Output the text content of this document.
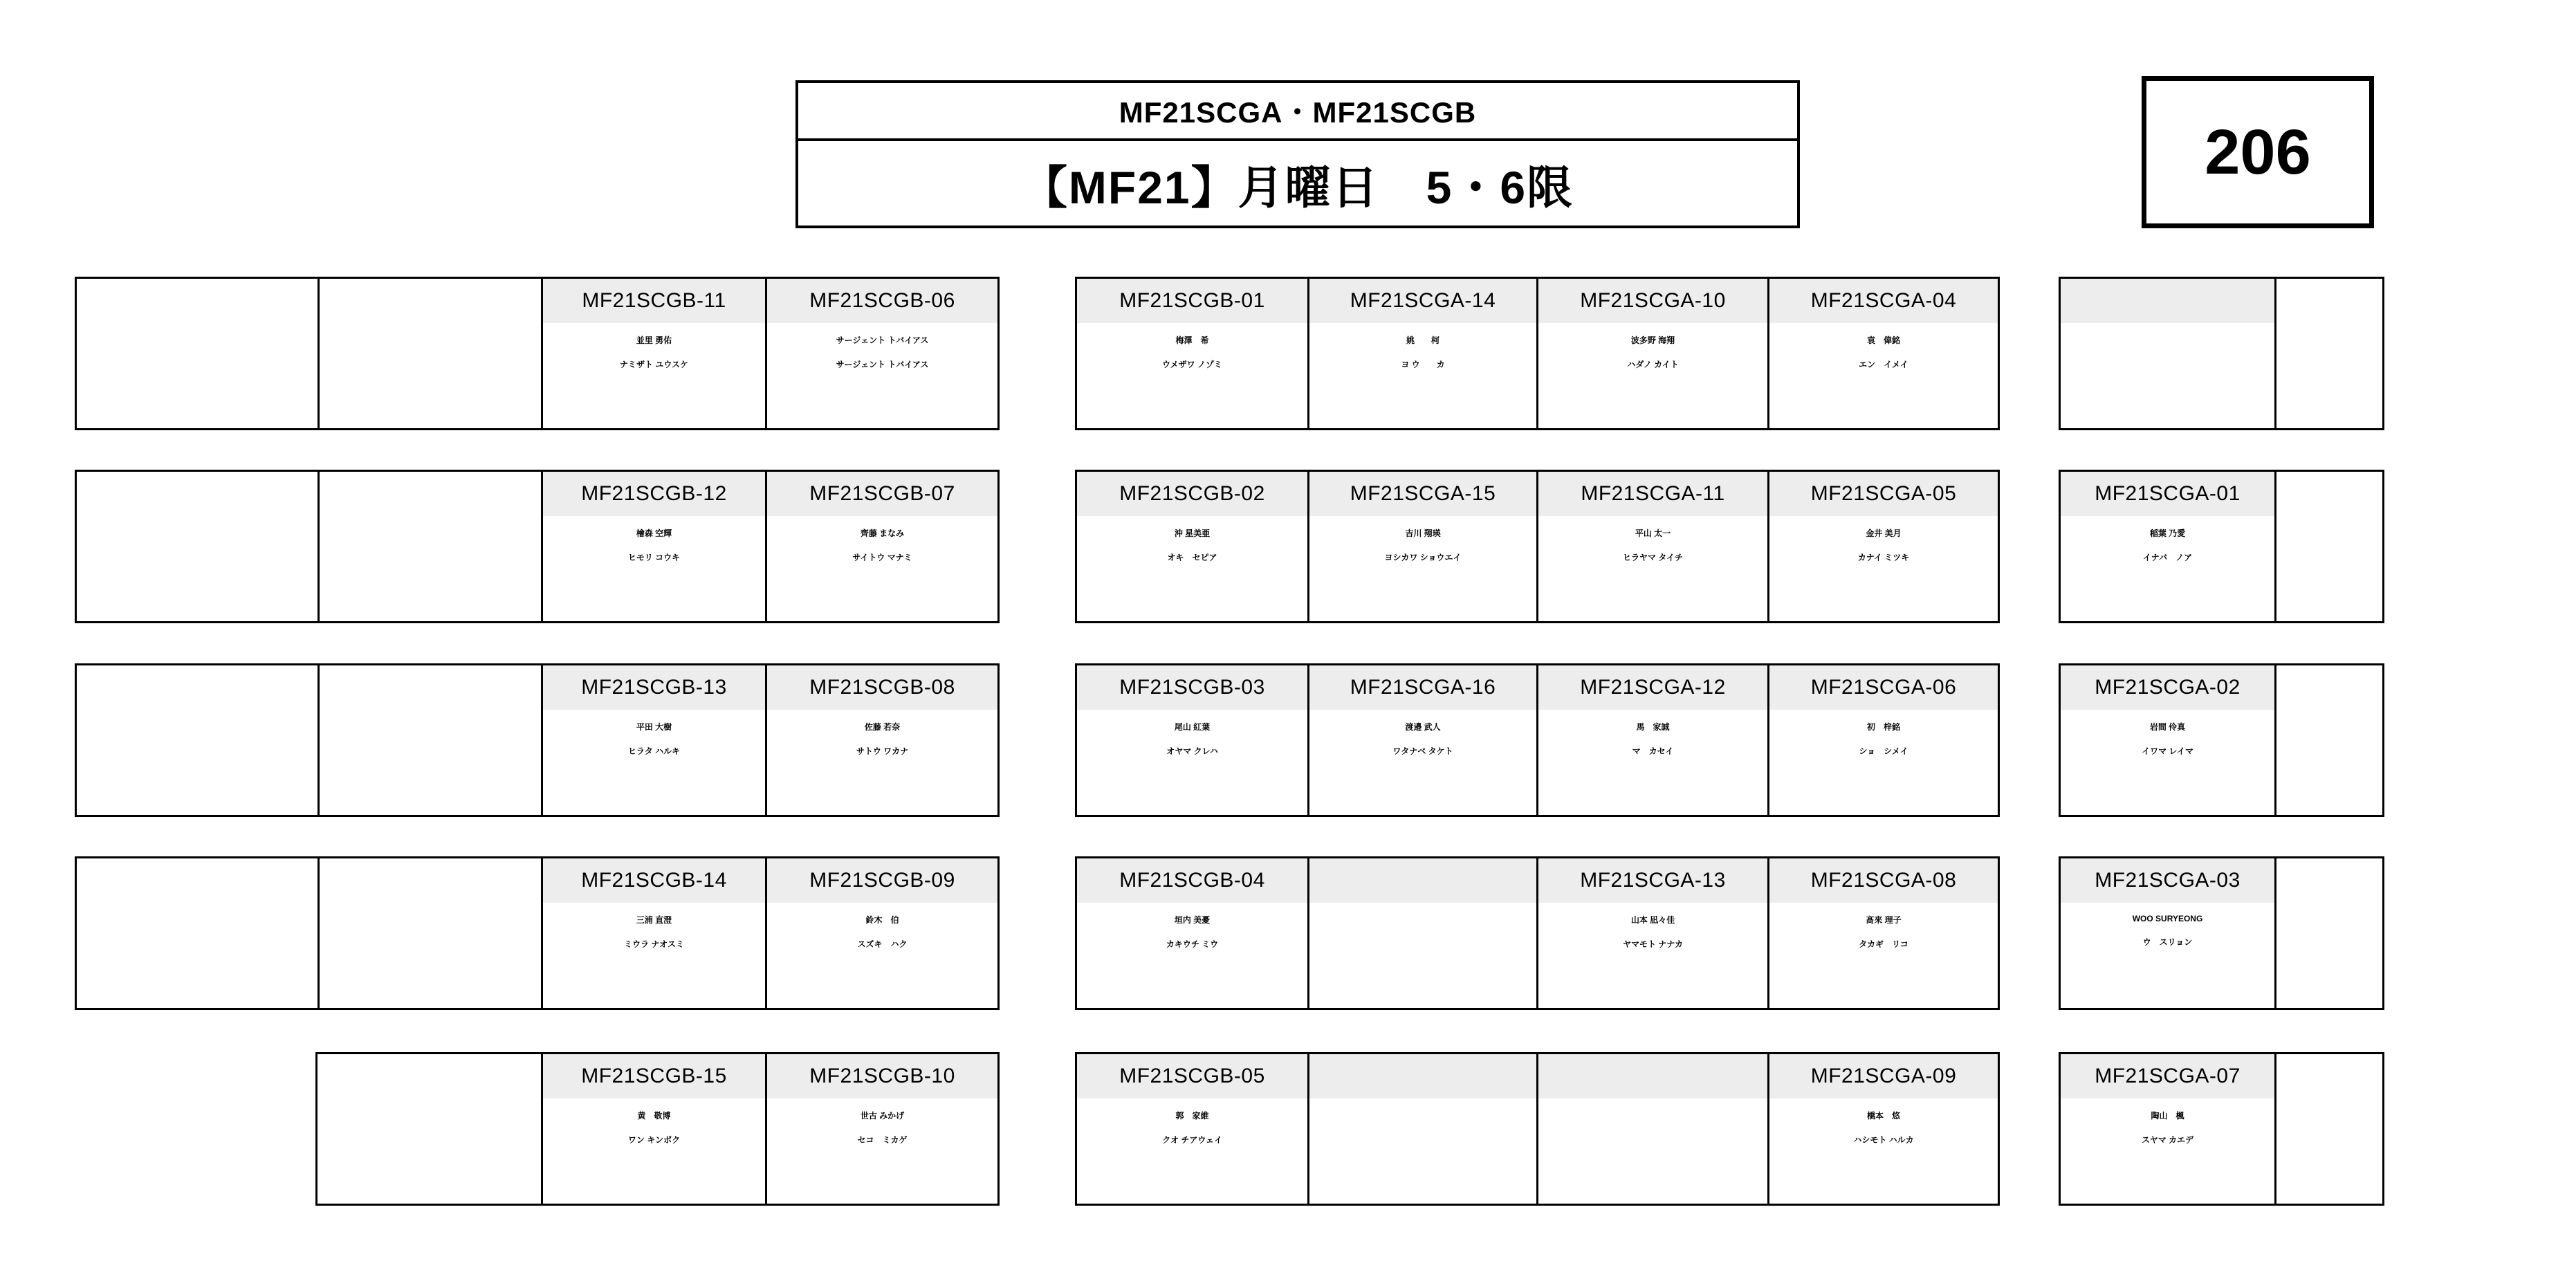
MF21SCGA・MF21SCGB
【MF21】月曜日　5・6限	206
MF21SCGB-11
並里 勇佑
ナミザト ユウスケ
MF21SCGB-06
サージェント トバイアス
サージェント トバイアス
MF21SCGB-01
梅澤　希
ウメザワ ノゾミ
MF21SCGA-14
姚　　柯
ヨ ウ　　カ
MF21SCGA-10
波多野 海翔
ハダノ カイト
MF21SCGA-04
袁　偉銘
エン　イメイ
MF21SCGB-12
檜森 空輝
ヒモリ コウキ
MF21SCGB-07
齊藤 まなみ
サイトウ マナミ
MF21SCGB-02
沖 星美亜
オキ　セピア
MF21SCGA-15
吉川 翔瑛
ヨシカワ ショウエイ
MF21SCGA-11
平山 太一
ヒラヤマ タイチ
MF21SCGA-05
金井 美月
カナイ ミツキ
MF21SCGA-01
稲葉 乃愛
イナバ　ノア
MF21SCGB-13
平田 大樹
ヒラタ ハルキ
MF21SCGB-08
佐藤 若奈
サトウ ワカナ
MF21SCGB-03
尾山 紅葉
オヤマ クレハ
MF21SCGA-16
渡邉 武人
ワタナベ タケト
MF21SCGA-12
馬　家誠
マ　カセイ
MF21SCGA-06
初　梓銘
ショ　シメイ
MF21SCGA-02
岩間 伶真
イワマ レイマ
MF21SCGB-14
三浦 直澄
ミウラ ナオスミ
MF21SCGB-09
鈴木　伯
スズキ　ハク
MF21SCGB-04
垣内 美憂
カキウチ ミウ
MF21SCGA-13
山本 凪々佳
ヤマモト ナナカ
MF21SCGA-08
髙來 理子
タカギ　リコ
MF21SCGA-03
WOO SURYEONG
ウ　スリョン
MF21SCGB-15
黄　敬博
ワン キンポク
MF21SCGB-10
世古 みかげ
セコ　ミカゲ
MF21SCGB-05
郭　家維
クオ チアウェイ
MF21SCGA-09
橋本　悠
ハシモト ハルカ
MF21SCGA-07
陶山　楓
スヤマ カエデ
